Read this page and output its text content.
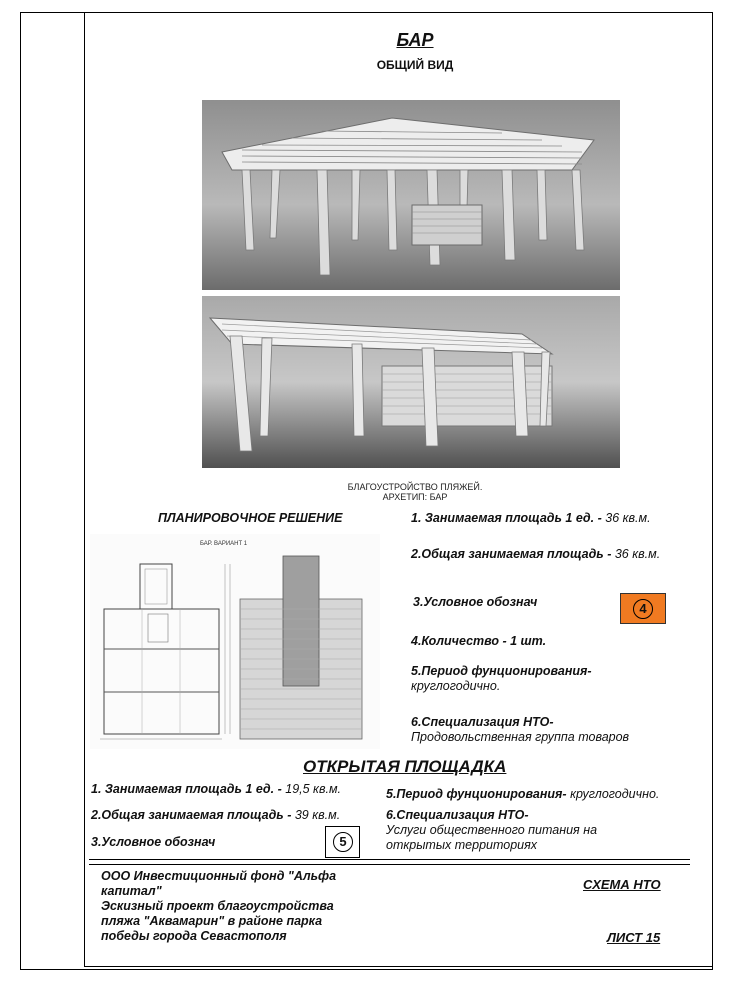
БАР
ОБЩИЙ ВИД
БЛАГОУСТРОЙСТВО ПЛЯЖЕЙ.
АРХЕТИП: БАР
ПЛАНИРОВОЧНОЕ РЕШЕНИЕ
БАР. ВАРИАНТ 1
1. Занимаемая площадь 1 ед. - 36 кв.м.
2.Общая занимаемая площадь - 36 кв.м.
3.Условное обознач	4
4.Количество - 1 шт.
5.Период фунционирования-
круглогодично.
6.Специализация НТО-
Продовольственная группа товаров
ОТКРЫТАЯ ПЛОЩАДКА
1. Занимаемая площадь 1 ед. - 19,5 кв.м.
2.Общая занимаемая площадь - 39 кв.м.
3.Условное обознач	5
5.Период фунционирования- круглогодично.
6.Специализация НТО-
Услуги общественного питания на
открытых территориях
ООО Инвестиционный фонд "Альфа
капитал"
Эскизный проект благоустройства
пляжа "Аквамарин" в районе парка
победы города Севастополя
СХЕМА НТО
ЛИСТ 15
